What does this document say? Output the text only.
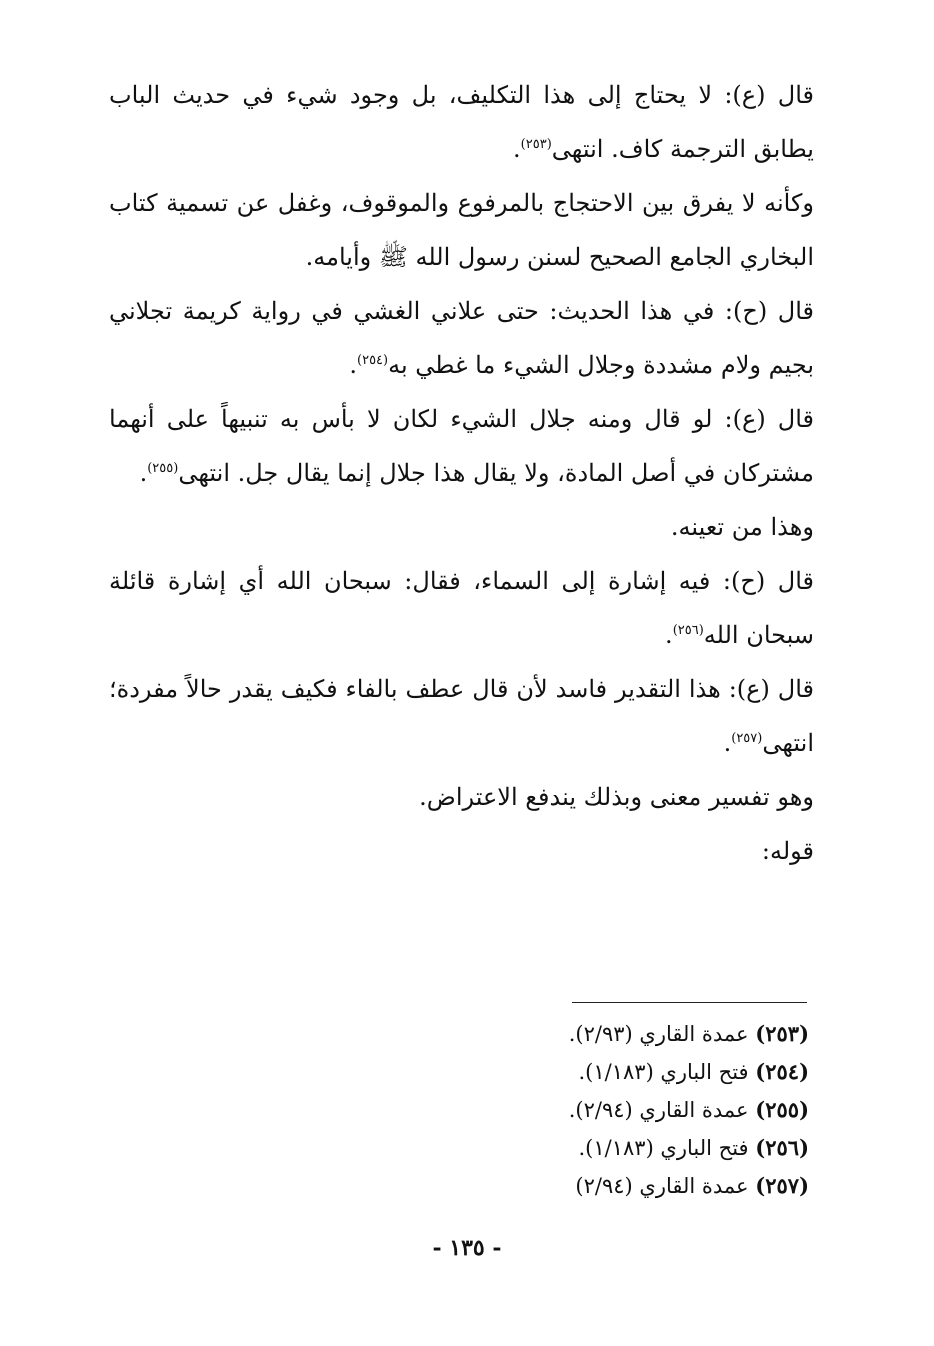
قال (ع): لا يحتاج إلى هذا التكليف، بل وجود شيء في حديث الباب يطابق الترجمة كاف. انتهى$^{(٢٥٣)}$.

وكأنه لا يفرق بين الاحتجاج بالمرفوع والموقوف، وغفل عن تسمية كتاب البخاري الجامع الصحيح لسنن رسول الله ﷺ وأيامه.

قال (ح): في هذا الحديث: حتى علاني الغشي في رواية كريمة تجلاني بجيم ولام مشددة وجلال الشيء ما غطي به$^{(٢٥٤)}$.

قال (ع): لو قال ومنه جلال الشيء لكان لا بأس به تنبيهاً على أنهما مشتركان في أصل المادة، ولا يقال هذا جلال إنما يقال جل. انتهى$^{(٢٥٥)}$.

وهذا من تعينه.

قال (ح): فيه إشارة إلى السماء، فقال: سبحان الله أي إشارة قائلة سبحان الله$^{(٢٥٦)}$.

قال (ع): هذا التقدير فاسد لأن قال عطف بالفاء فكيف يقدر حالاً مفردة؛ انتهى$^{(٢٥٧)}$.

وهو تفسير معنى وبذلك يندفع الاعتراض.

قوله:

(٢٥٣) عمدة القاري (٢/٩٣).
(٢٥٤) فتح الباري (١/١٨٣).
(٢٥٥) عمدة القاري (٢/٩٤).
(٢٥٦) فتح الباري (١/١٨٣).
(٢٥٧) عمدة القاري (٢/٩٤)
- ١٣٥ -
